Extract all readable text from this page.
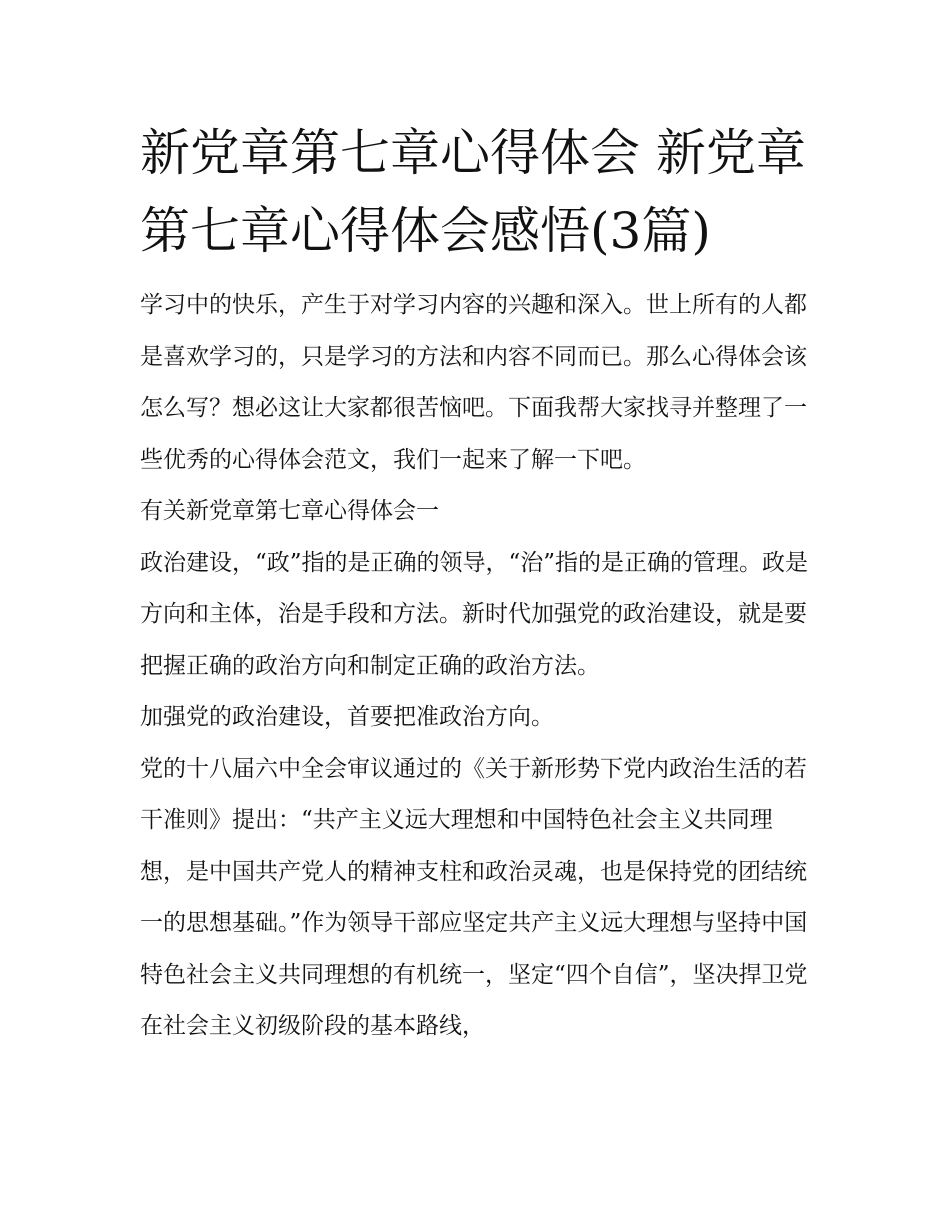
新党章第七章心得体会 新党章第七章心得体会感悟(3篇)

学习中的快乐，产生于对学习内容的兴趣和深入。世上所有的人都是喜欢学习的，只是学习的方法和内容不同而已。那么心得体会该怎么写？想必这让大家都很苦恼吧。下面我帮大家找寻并整理了一些优秀的心得体会范文，我们一起来了解一下吧。

有关新党章第七章心得体会一

政治建设，“政”指的是正确的领导，“治”指的是正确的管理。政是方向和主体，治是手段和方法。新时代加强党的政治建设，就是要把握正确的政治方向和制定正确的政治方法。

加强党的政治建设，首要把准政治方向。

党的十八届六中全会审议通过的《关于新形势下党内政治生活的若干准则》提出：“共产主义远大理想和中国特色社会主义共同理想，是中国共产党人的精神支柱和政治灵魂，也是保持党的团结统一的思想基础。”作为领导干部应坚定共产主义远大理想与坚持中国特色社会主义共同理想的有机统一，坚定“四个自信”，坚决捍卫党在社会主义初级阶段的基本路线，
